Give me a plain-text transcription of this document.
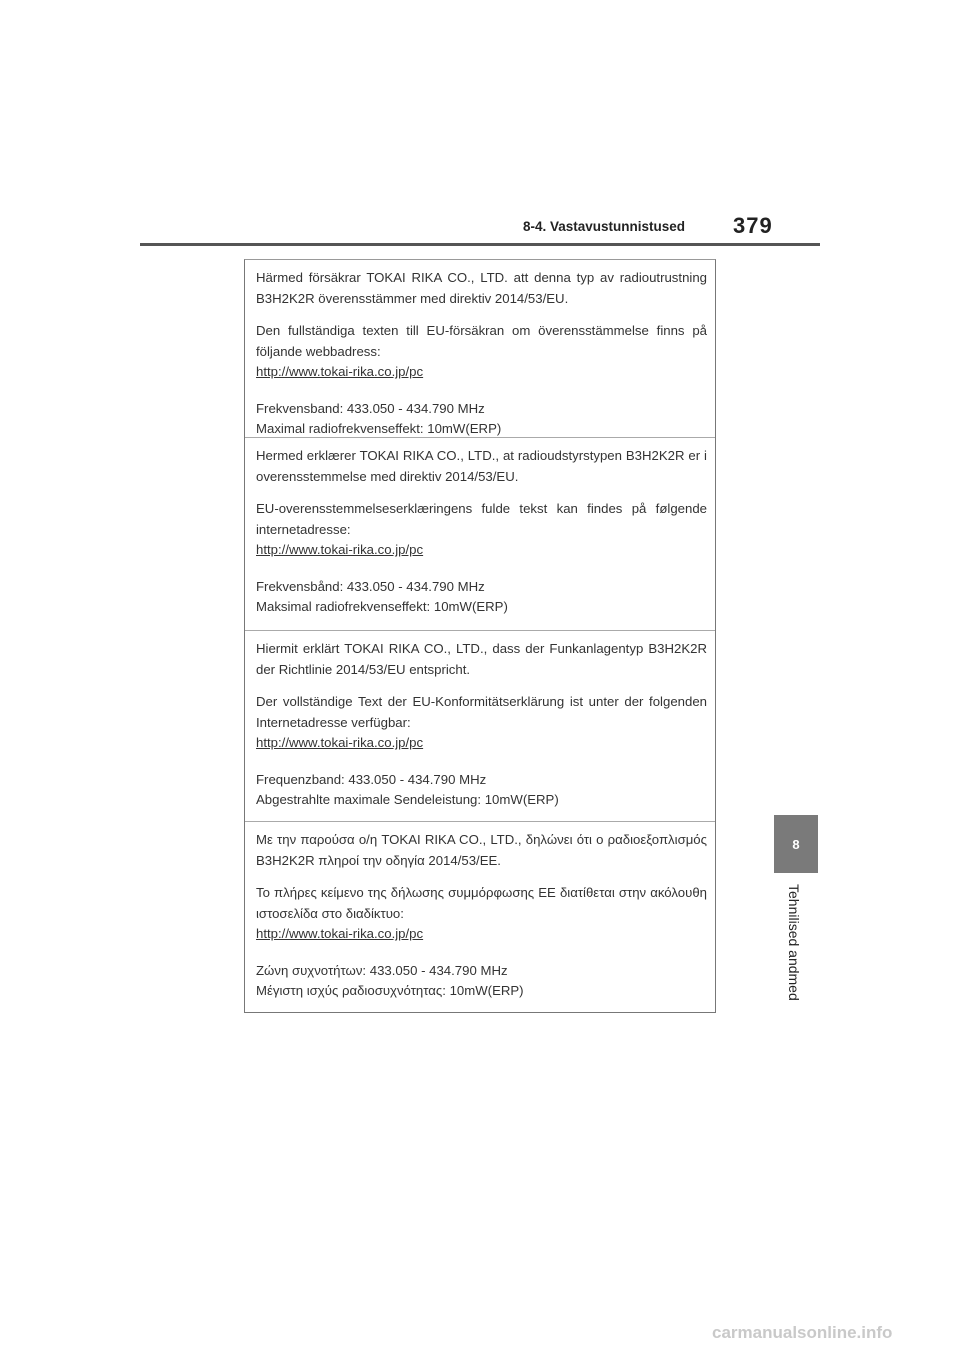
8-4. Vastavustunnistused 379
8
Tehnilised andmed

Härmed försäkrar TOKAI RIKA CO., LTD. att denna typ av radioutrustning B3H2K2R överensstämmer med direktiv 2014/53/EU.

Den fullständiga texten till EU-försäkran om överensstämmelse finns på följande webbadress:

http://www.tokai-rika.co.jp/pc

Frekvensband: 433.050 - 434.790 MHz

Maximal radiofrekvenseffekt: 10mW(ERP)

Hermed erklærer TOKAI RIKA CO., LTD., at radioudstyrstypen B3H2K2R er i overensstemmelse med direktiv 2014/53/EU.

EU-overensstemmelseserklæringens fulde tekst kan findes på følgende internetadresse:

http://www.tokai-rika.co.jp/pc

Frekvensbånd: 433.050 - 434.790 MHz

Maksimal radiofrekvenseffekt: 10mW(ERP)

Hiermit erklärt TOKAI RIKA CO., LTD., dass der Funkanlagentyp B3H2K2R der Richtlinie 2014/53/EU entspricht.

Der vollständige Text der EU-Konformitätserklärung ist unter der folgenden Internetadresse verfügbar:

http://www.tokai-rika.co.jp/pc

Frequenzband: 433.050 - 434.790 MHz

Abgestrahlte maximale Sendeleistung: 10mW(ERP)

Με την παρούσα ο/η TOKAI RIKA CO., LTD., δηλώνει ότι ο ραδιοεξοπλισμός B3H2K2R πληροί την οδηγία 2014/53/ΕΕ.

Το πλήρες κείμενο της δήλωσης συμμόρφωσης ΕΕ διατίθεται στην ακόλουθη ιστοσελίδα στο διαδίκτυο:

http://www.tokai-rika.co.jp/pc

Ζώνη συχνοτήτων: 433.050 - 434.790 MHz

Μέγιστη ισχύς ραδιοσυχνότητας: 10mW(ERP)

carmanualsonline.info
